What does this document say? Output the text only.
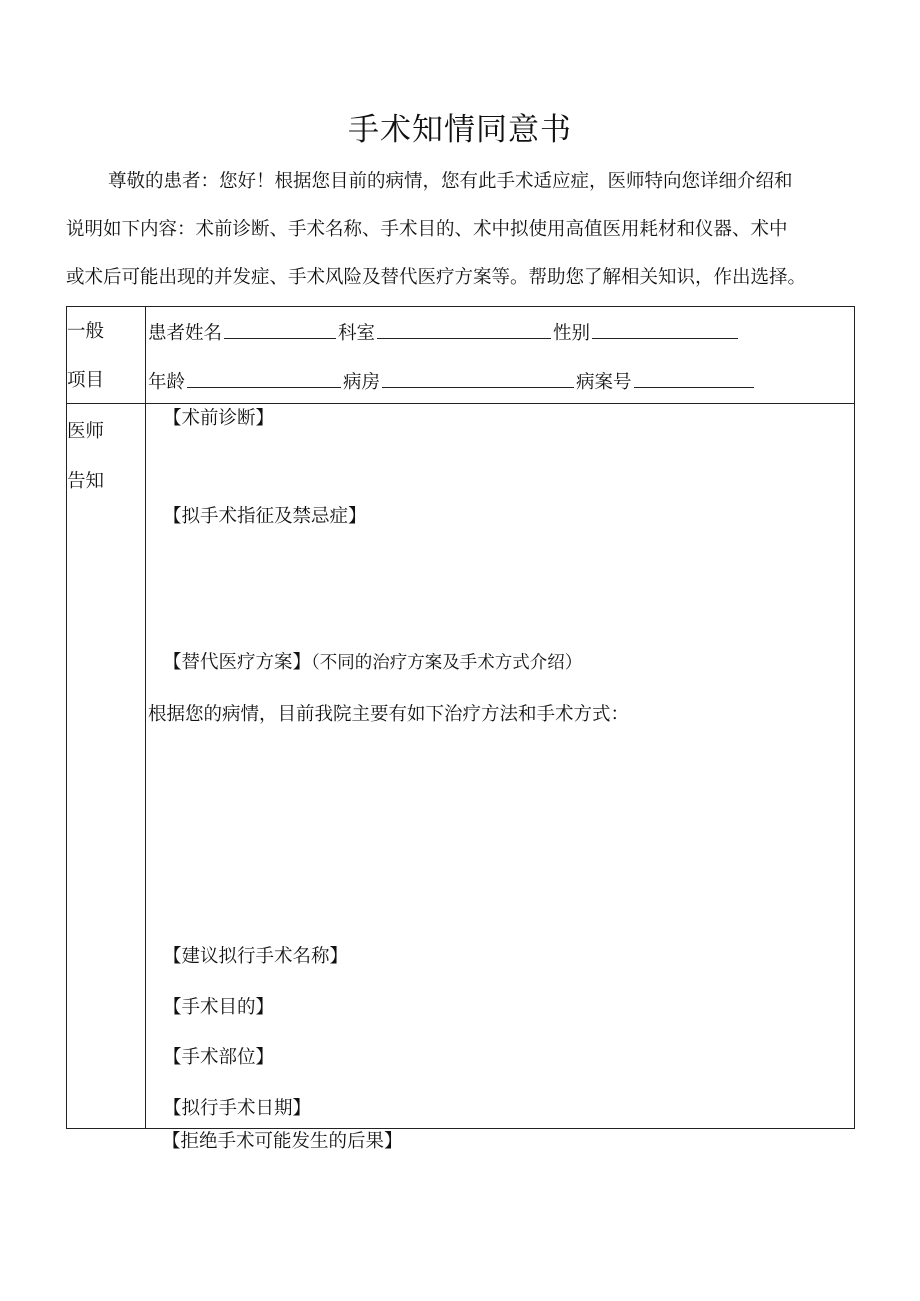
手术知情同意书
尊敬的患者：您好！根据您目前的病情，您有此手术适应症，医师特向您详细介绍和
说明如下内容：术前诊断、手术名称、手术目的、术中拟使用高值医用耗材和仪器、术中
或术后可能出现的并发症、手术风险及替代医疗方案等。帮助您了解相关知识，作出选择。
一般
项目
患者姓名	科室	性别
年龄	病房	病案号
医师
告知
【术前诊断】
【拟手术指征及禁忌症】
【替代医疗方案】（不同的治疗方案及手术方式介绍）
根据您的病情，目前我院主要有如下治疗方法和手术方式：
【建议拟行手术名称】
【手术目的】
【手术部位】
【拟行手术日期】
【拒绝手术可能发生的后果】
